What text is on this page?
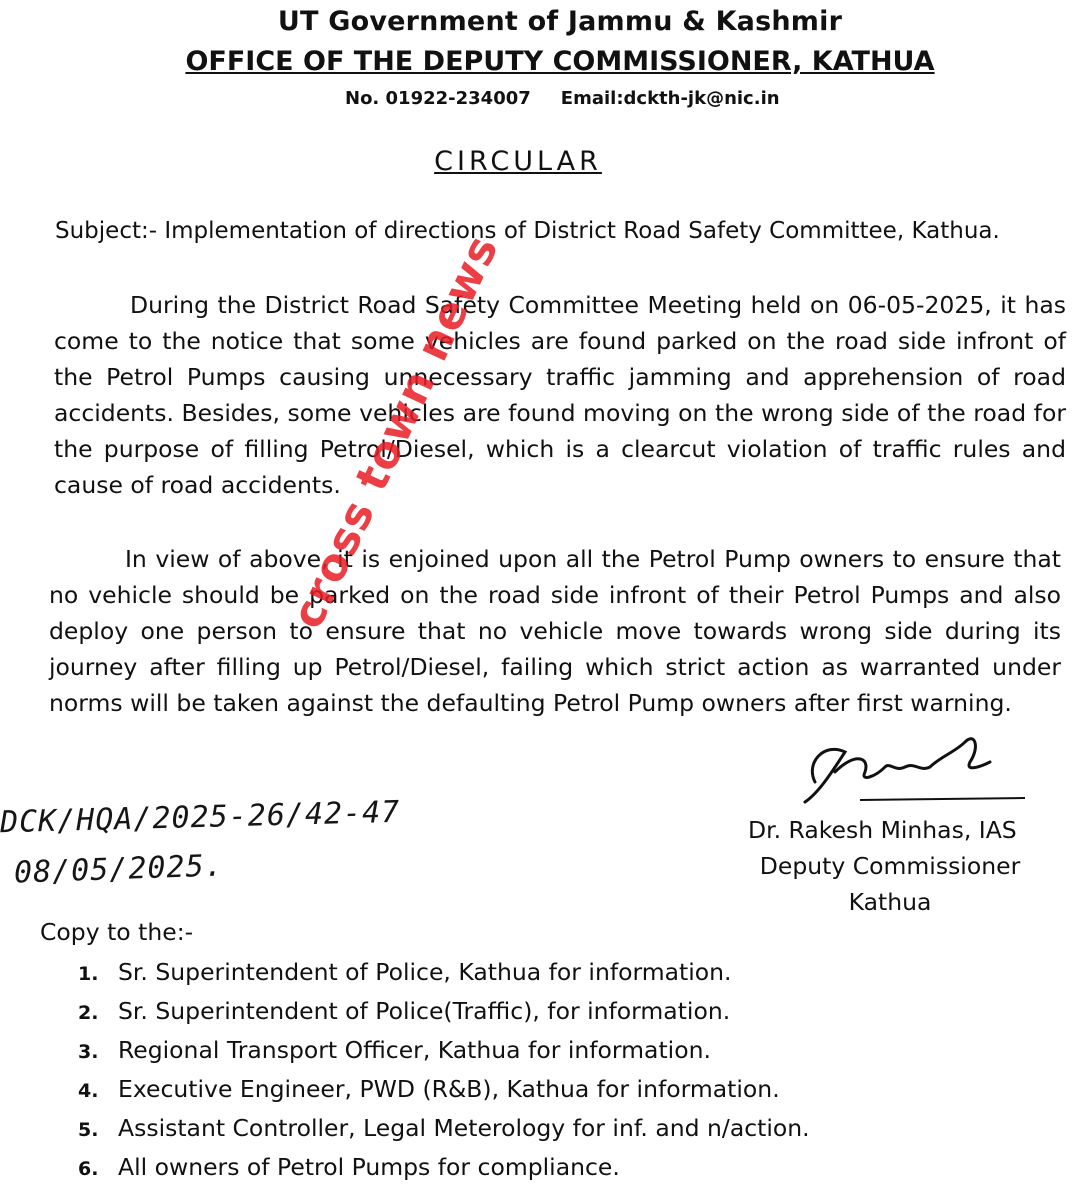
UT Government of Jammu & Kashmir
OFFICE OF THE DEPUTY COMMISSIONER, KATHUA
No. 01922-234007 Email:dckth-jk@nic.in
CIRCULAR
Subject:- Implementation of directions of District Road Safety Committee, Kathua.

During the District Road Safety Committee Meeting held on 06-05-2025, it has come to the notice that some vehicles are found parked on the road side infront of the Petrol Pumps causing unnecessary traffic jamming and apprehension of road accidents. Besides, some vehicles are found moving on the wrong side of the road for the purpose of filling Petrol/Diesel, which is a clearcut violation of traffic rules and cause of road accidents.

In view of above, it is enjoined upon all the Petrol Pump owners to ensure that no vehicle should be parked on the road side infront of their Petrol Pumps and also deploy one person to ensure that no vehicle move towards wrong side during its journey after filling up Petrol/Diesel, failing which strict action as warranted under norms will be taken against the defaulting Petrol Pump owners after first warning.

Dr. Rakesh Minhas, IAS
Deputy Commissioner
Kathua
DCK/HQA/2025-26/42-47
08/05/2025.
Copy to the:-
1. Sr. Superintendent of Police, Kathua for information.
2. Sr. Superintendent of Police(Traffic), for information.
3. Regional Transport Officer, Kathua for information.
4. Executive Engineer, PWD (R&B), Kathua for information.
5. Assistant Controller, Legal Meterology for inf. and n/action.
6. All owners of Petrol Pumps for compliance.
cross town news
